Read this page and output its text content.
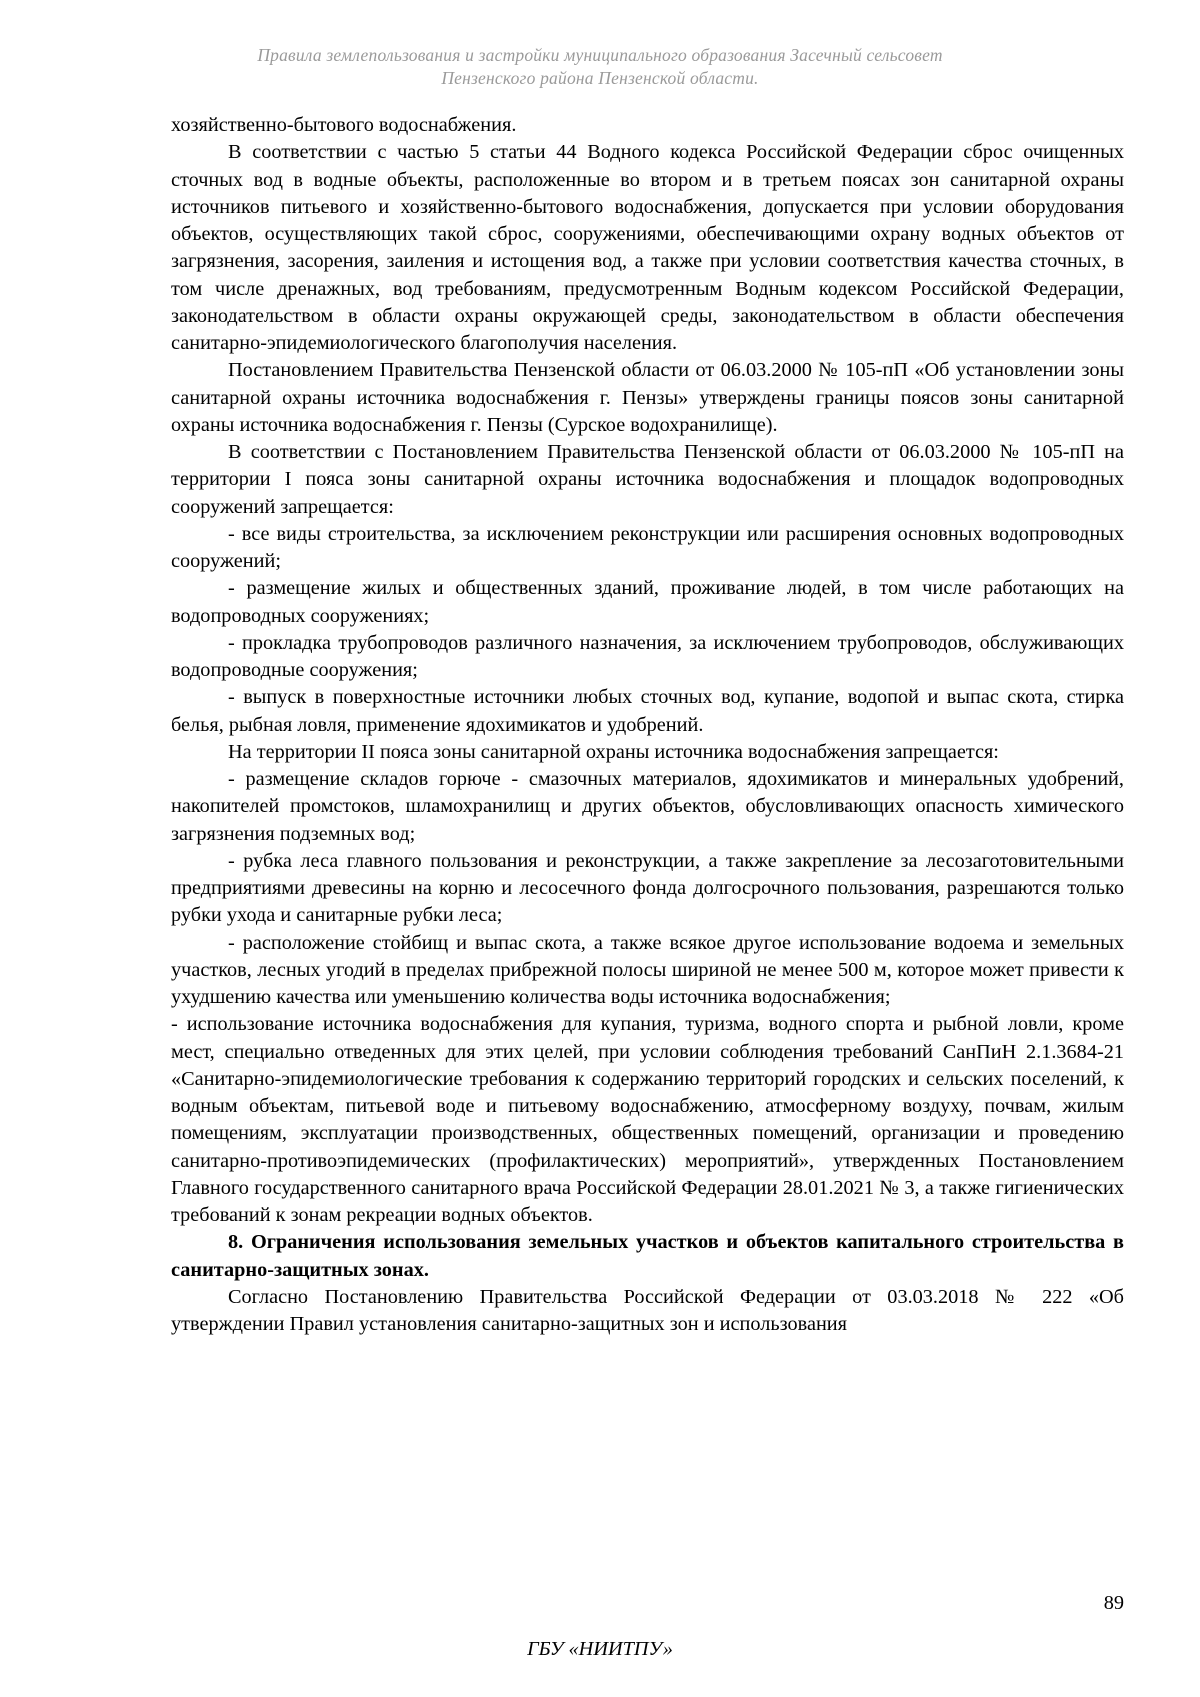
Правила землепользования и застройки муниципального образования Засечный сельсовет
Пензенского района Пензенской области.

хозяйственно-бытового водоснабжения.

В соответствии с частью 5 статьи 44 Водного кодекса Российской Федерации сброс очищенных сточных вод в водные объекты, расположенные во втором и в третьем поясах зон санитарной охраны источников питьевого и хозяйственно-бытового водоснабжения, допускается при условии оборудования объектов, осуществляющих такой сброс, сооружениями, обеспечивающими охрану водных объектов от загрязнения, засорения, заиления и истощения вод, а также при условии соответствия качества сточных, в том числе дренажных, вод требованиям, предусмотренным Водным кодексом Российской Федерации, законодательством в области охраны окружающей среды, законодательством в области обеспечения санитарно-эпидемиологического благополучия населения.

Постановлением Правительства Пензенской области от 06.03.2000 № 105-пП «Об установлении зоны санитарной охраны источника водоснабжения г. Пензы» утверждены границы поясов зоны санитарной охраны источника водоснабжения г. Пензы (Сурское водохранилище).

В соответствии с Постановлением Правительства Пензенской области от 06.03.2000 № 105-пП на территории I пояса зоны санитарной охраны источника водоснабжения и площадок водопроводных сооружений запрещается:

- все виды строительства, за исключением реконструкции или расширения основных водопроводных сооружений;

- размещение жилых и общественных зданий, проживание людей, в том числе работающих на водопроводных сооружениях;

- прокладка трубопроводов различного назначения, за исключением трубопроводов, обслуживающих водопроводные сооружения;

- выпуск в поверхностные источники любых сточных вод, купание, водопой и выпас скота, стирка белья, рыбная ловля, применение ядохимикатов и удобрений.

На территории II пояса зоны санитарной охраны источника водоснабжения запрещается:

- размещение складов горюче - смазочных материалов, ядохимикатов и минеральных удобрений, накопителей промстоков, шламохранилищ и других объектов, обусловливающих опасность химического загрязнения подземных вод;

- рубка леса главного пользования и реконструкции, а также закрепление за лесозаготовительными предприятиями древесины на корню и лесосечного фонда долгосрочного пользования, разрешаются только рубки ухода и санитарные рубки леса;

- расположение стойбищ и выпас скота, а также всякое другое использование водоема и земельных участков, лесных угодий в пределах прибрежной полосы шириной не менее 500 м, которое может привести к ухудшению качества или уменьшению количества воды источника водоснабжения;

- использование источника водоснабжения для купания, туризма, водного спорта и рыбной ловли, кроме мест, специально отведенных для этих целей, при условии соблюдения требований СанПиН 2.1.3684-21 «Санитарно-эпидемиологические требования к содержанию территорий городских и сельских поселений, к водным объектам, питьевой воде и питьевому водоснабжению, атмосферному воздуху, почвам, жилым помещениям, эксплуатации производственных, общественных помещений, организации и проведению санитарно-противоэпидемических (профилактических) мероприятий», утвержденных Постановлением Главного государственного санитарного врача Российской Федерации 28.01.2021 № 3, а также гигиенических требований к зонам рекреации водных объектов.

8. Ограничения использования земельных участков и объектов капитального строительства в санитарно-защитных зонах.

Согласно Постановлению Правительства Российской Федерации от 03.03.2018 № 222 «Об утверждении Правил установления санитарно-защитных зон и использования

89
ГБУ «НИИТПУ»
